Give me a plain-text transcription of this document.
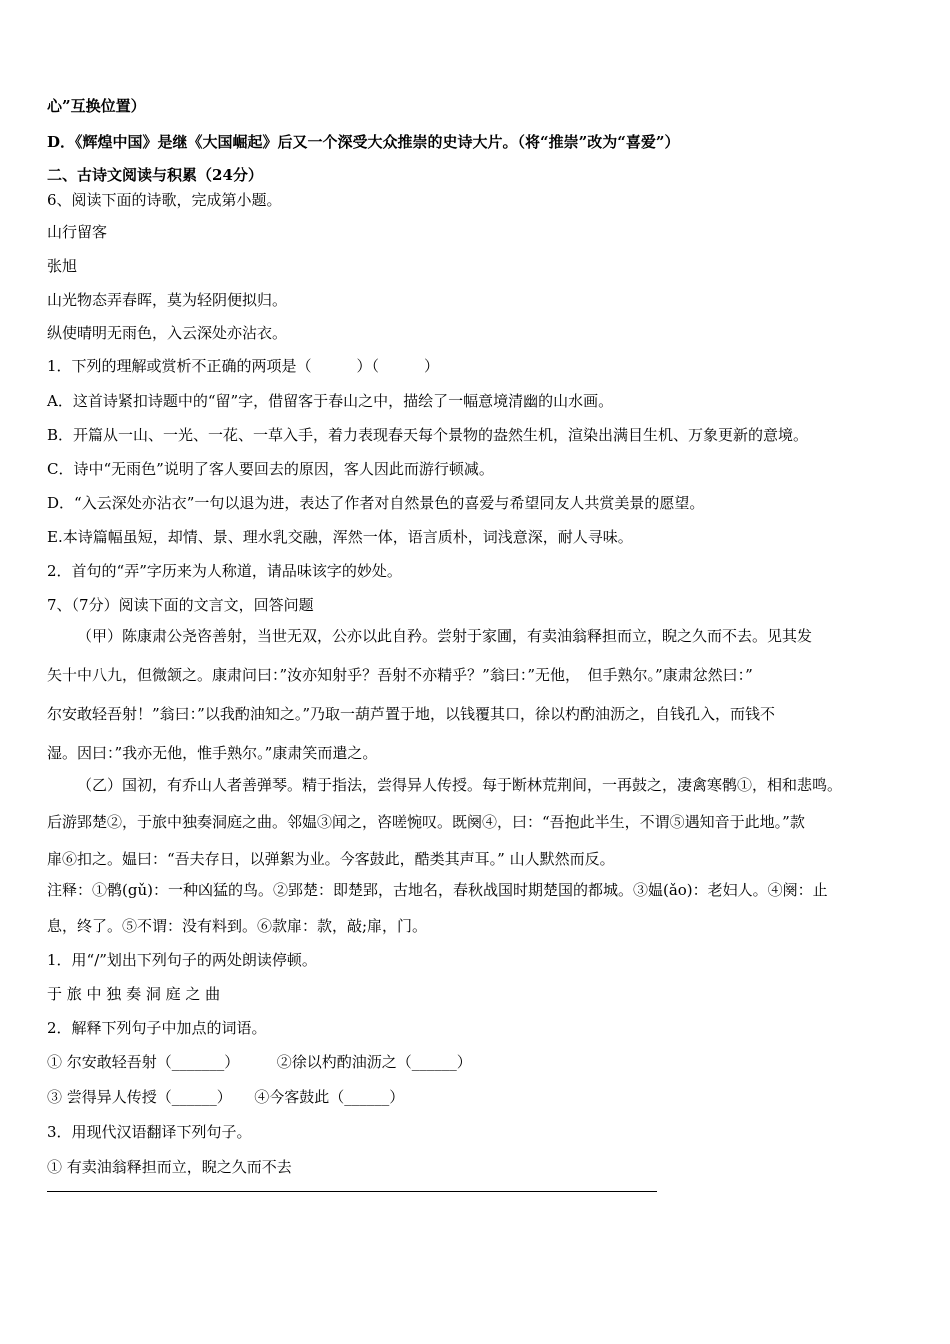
心”互换位置）

D．《辉煌中国》是继《大国崛起》后又一个深受大众推崇的史诗大片。（将“推崇”改为“喜爱”）

二、古诗文阅读与积累（24分）

6、阅读下面的诗歌，完成第小题。

山行留客

张旭

山光物态弄春晖，莫为轻阴便拟归。

纵使晴明无雨色，入云深处亦沾衣。

1．下列的理解或赏析不正确的两项是（　　　）（　　　）

A．这首诗紧扣诗题中的“留”字，借留客于春山之中，描绘了一幅意境清幽的山水画。

B．开篇从一山、一光、一花、一草入手，着力表现春天每个景物的盎然生机，渲染出满目生机、万象更新的意境。

C．诗中“无雨色”说明了客人要回去的原因，客人因此而游行顿减。

D．“入云深处亦沾衣”一句以退为进，表达了作者对自然景色的喜爱与希望同友人共赏美景的愿望。

E.本诗篇幅虽短，却情、景、理水乳交融，浑然一体，语言质朴，词浅意深，耐人寻味。

2．首句的“弄”字历来为人称道，请品味该字的妙处。

7、（7分）阅读下面的文言文，回答问题

（甲）陈康肃公尧咨善射，当世无双，公亦以此自矜。尝射于家圃，有卖油翁释担而立，睨之久而不去。见其发

矢十中八九，但微颔之。康肃问曰：”汝亦知射乎？吾射不亦精乎？”翁曰：”无他，　但手熟尔。”康肃忿然曰：”

尔安敢轻吾射！”翁曰：”以我酌油知之。”乃取一葫芦置于地，以钱覆其口，徐以杓酌油沥之，自钱孔入，而钱不

湿。因曰：”我亦无他，惟手熟尔。”康肃笑而遣之。

（乙）国初，有乔山人者善弹琴。精于指法，尝得异人传授。每于断林荒荆间，一再鼓之，凄禽寒鹘①，相和悲鸣。

后游郢楚②，于旅中独奏洞庭之曲。邻媪③闻之，咨嗟惋叹。既阕④，曰：“吾抱此半生，不谓⑤遇知音于此地。”款

扉⑥扣之。媪曰：“吾夫存日，以弹絮为业。今客鼓此，酷类其声耳。” 山人默然而反。

注释：①鹘(gǔ)：一种凶猛的鸟。②郢楚：即楚郢，古地名，春秋战国时期楚国的都城。③媪(ǎo)：老妇人。④阕：止

息，终了。⑤不谓：没有料到。⑥款扉：款，敲;扉，门。

1．用“/”划出下列句子的两处朗读停顿。

于 旅 中 独 奏 洞 庭 之 曲

2．解释下列句子中加点的词语。

① 尔安敢轻吾射（_______）　　　②徐以杓酌油沥之（______）

③ 尝得异人传授（______）　　④今客鼓此（______）

3．用现代汉语翻译下列句子。

① 有卖油翁释担而立，睨之久而不去
